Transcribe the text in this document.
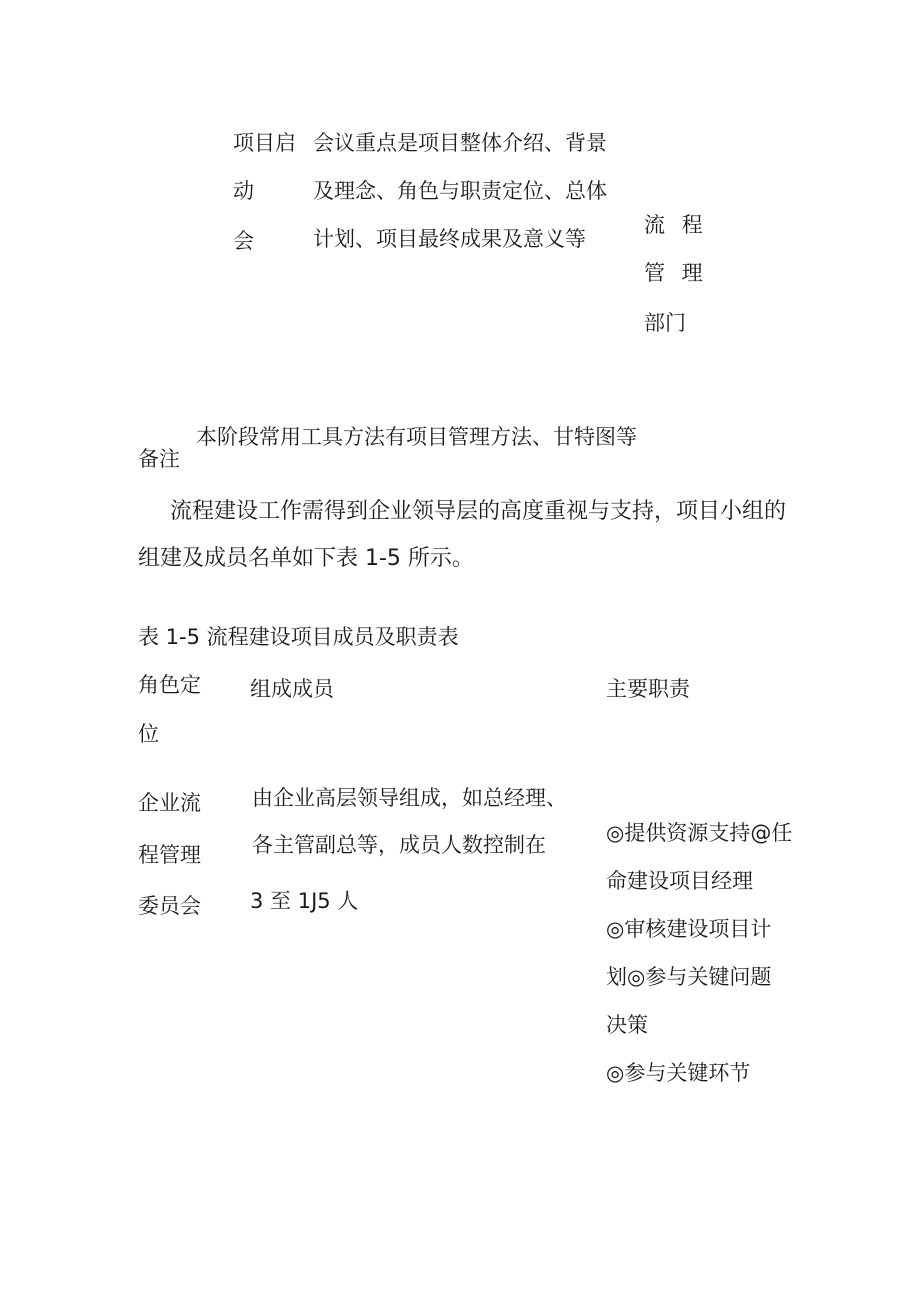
项目启
动
会
会议重点是项目整体介绍、背景
及理念、角色与职责定位、总体
计划、项目最终成果及意义等
流 程
管 理
部门
本阶段常用工具方法有项目管理方法、甘特图等
备注
流程建设工作需得到企业领导层的高度重视与支持，项目小组的
组建及成员名单如下表 1-5 所示。
表 1-5 流程建设项目成员及职责表
角色定
位
组成成员	主要职责
企业流
程管理
委员会
由企业高层领导组成，如总经理、
各主管副总等，成员人数控制在
3 至 1J5 人
◎提供资源支持@任
命建设项目经理
◎审核建设项目计
划◎参与关键问题
决策
◎参与关键环节
